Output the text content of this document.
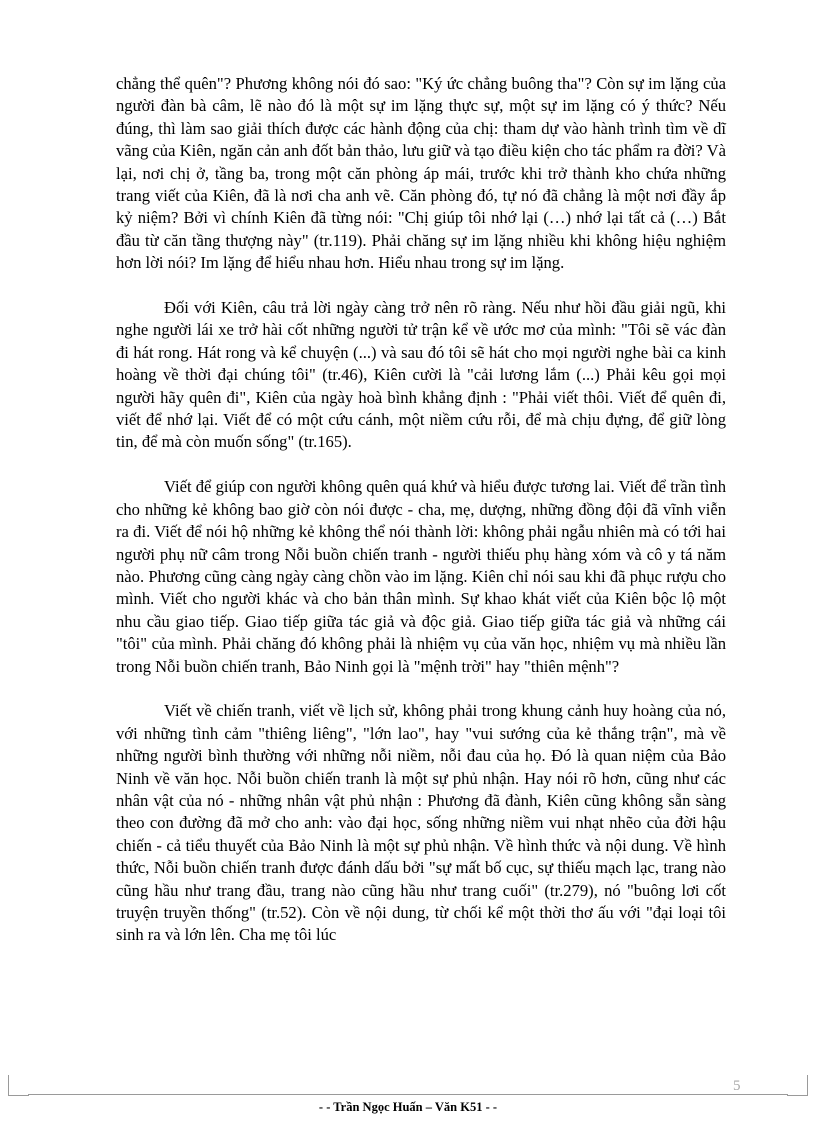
chẳng thể quên"? Phương không nói đó sao: "Ký ức chẳng buông tha"? Còn sự im lặng của người đàn bà câm, lẽ nào đó là một sự im lặng thực sự, một sự im lặng có ý thức? Nếu đúng, thì làm sao giải thích được các hành động của chị: tham dự vào hành trình tìm về dĩ vãng của Kiên, ngăn cản anh đốt bản thảo, lưu giữ và tạo điều kiện cho tác phẩm ra đời? Và lại, nơi chị ở, tầng ba, trong một căn phòng áp mái, trước khi trở thành kho chứa những trang viết của Kiên, đã là nơi cha anh vẽ. Căn phòng đó, tự nó đã chẳng là một nơi đầy ắp kỷ niệm? Bởi vì chính Kiên đã từng nói: "Chị giúp tôi nhớ lại (…) nhớ lại tất cả (…) Bắt đầu từ căn tầng thượng này" (tr.119). Phải chăng sự im lặng nhiều khi không hiệu nghiệm hơn lời nói? Im lặng để hiểu nhau hơn. Hiểu nhau trong sự im lặng.

Đối với Kiên, câu trả lời ngày càng trở nên rõ ràng. Nếu như hồi đầu giải ngũ, khi nghe người lái xe trở hài cốt những người tử trận kể về ước mơ của mình: "Tôi sẽ vác đàn đi hát rong. Hát rong và kể chuyện (...) và sau đó tôi sẽ hát cho mọi người nghe bài ca kinh hoàng về thời đại chúng tôi" (tr.46), Kiên cười là "cải lương lắm (...) Phải kêu gọi mọi người hãy quên đi", Kiên của ngày hoà bình khẳng định : "Phải viết thôi. Viết để quên đi, viết để nhớ lại. Viết để có một cứu cánh, một niềm cứu rỗi, để mà chịu đựng, để giữ lòng tin, để mà còn muốn sống" (tr.165).

Viết để giúp con người không quên quá khứ và hiểu được tương lai. Viết để trần tình cho những kẻ không bao giờ còn nói được - cha, mẹ, dượng, những đồng đội đã vĩnh viễn ra đi. Viết để nói hộ những kẻ không thể nói thành lời: không phải ngẫu nhiên mà có tới hai người phụ nữ câm trong Nỗi buồn chiến tranh - người thiếu phụ hàng xóm và cô y tá năm nào. Phương cũng càng ngày càng chồn vào im lặng. Kiên chỉ nói sau khi đã phục rượu cho mình. Viết cho người khác và cho bản thân mình. Sự khao khát viết của Kiên bộc lộ một nhu cầu giao tiếp. Giao tiếp giữa tác giả và độc giả. Giao tiếp giữa tác giả và những cái "tôi" của mình. Phải chăng đó không phải là nhiệm vụ của văn học, nhiệm vụ mà nhiều lần trong Nỗi buồn chiến tranh, Bảo Ninh gọi là "mệnh trời" hay "thiên mệnh"?

Viết về chiến tranh, viết về lịch sử, không phải trong khung cảnh huy hoàng của nó, với những tình cảm "thiêng liêng", "lớn lao", hay "vui sướng của kẻ thắng trận", mà về những người bình thường với những nỗi niềm, nỗi đau của họ. Đó là quan niệm của Bảo Ninh về văn học. Nỗi buồn chiến tranh là một sự phủ nhận. Hay nói rõ hơn, cũng như các nhân vật của nó - những nhân vật phủ nhận : Phương đã đành, Kiên cũng không sẵn sàng theo con đường đã mở cho anh: vào đại học, sống những niềm vui nhạt nhẽo của đời hậu chiến - cả tiểu thuyết của Bảo Ninh là một sự phủ nhận. Về hình thức và nội dung. Về hình thức, Nỗi buồn chiến tranh được đánh dấu bởi "sự mất bố cục, sự thiếu mạch lạc, trang nào cũng hầu như trang đầu, trang nào cũng hầu như trang cuối" (tr.279), nó "buông lơi cốt truyện truyền thống" (tr.52). Còn về nội dung, từ chối kể một thời thơ ấu với "đại loại tôi sinh ra và lớn lên. Cha mẹ tôi lúc

5
- - Trần Ngọc Huấn – Văn K51 - -
